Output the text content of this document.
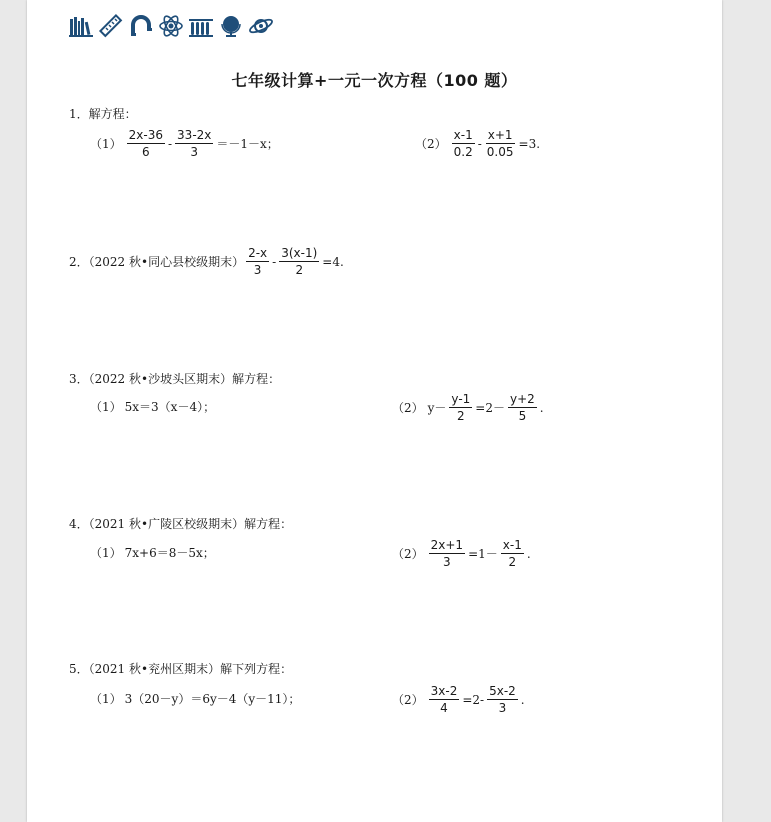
七年级计算+一元一次方程（100 题）
1．解方程：
$(1) \frac{2x-36}{6} - \frac{33-2x}{3} =-1-x$；	$(2) \frac{x-1}{0.2} - \frac{x+1}{0.05} =3$.
2．（2022 秋•同心县校级期末） $\frac{2-x}{3} - \frac{3(x-1)}{2} =4$.
3．（2022 秋•沙坡头区期末）解方程：
（1） 5x＝3（x－4）；	（2） $y- \frac{y-1}{2} =2- \frac{y+2}{5}$ .
4．（2021 秋•广陵区校级期末）解方程：
（1） 7x+6＝8－5x；	$(2) \frac{2x+1}{3} =1- \frac{x-1}{2}$ .
5．（2021 秋•兖州区期末）解下列方程：
（1） 3（20－y）＝6y－4（y－11）；	$(2) \frac{3x-2}{4} =2- \frac{5x-2}{3}$ .
